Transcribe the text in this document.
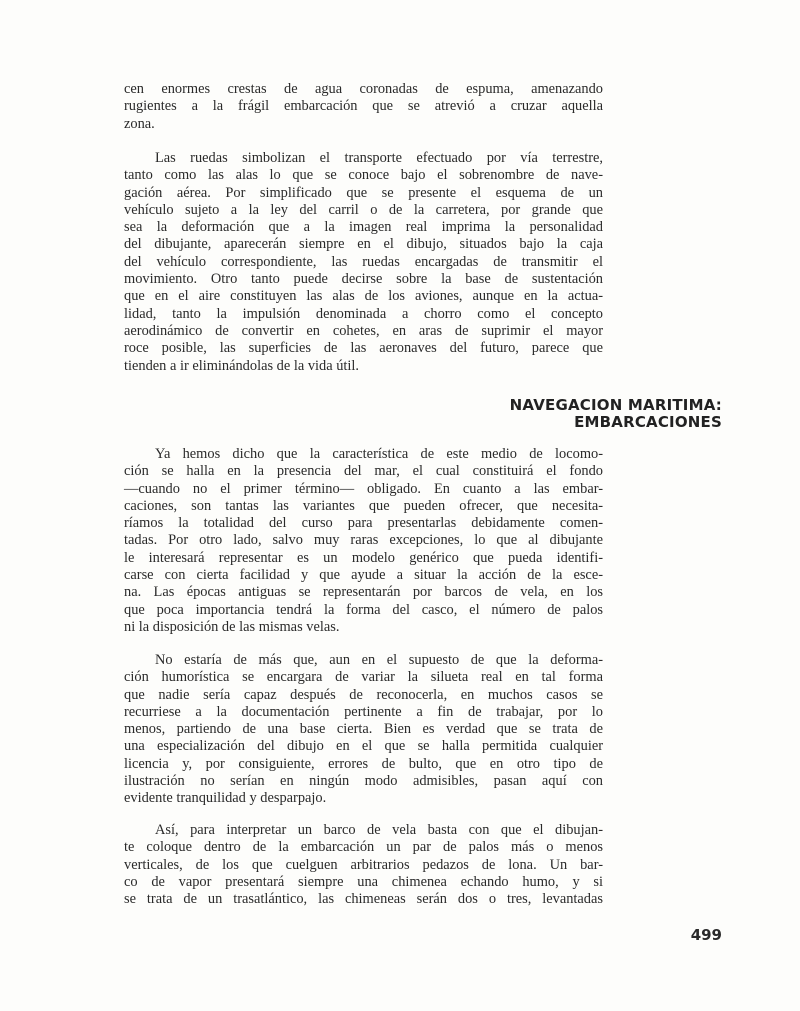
cen enormes crestas de agua coronadas de espuma, amenazando
rugientes a la frágil embarcación que se atrevió a cruzar aquella
zona.
Las ruedas simbolizan el transporte efectuado por vía terrestre,
tanto como las alas lo que se conoce bajo el sobrenombre de nave-
gación aérea. Por simplificado que se presente el esquema de un
vehículo sujeto a la ley del carril o de la carretera, por grande que
sea la deformación que a la imagen real imprima la personalidad
del dibujante, aparecerán siempre en el dibujo, situados bajo la caja
del vehículo correspondiente, las ruedas encargadas de transmitir el
movimiento. Otro tanto puede decirse sobre la base de sustentación
que en el aire constituyen las alas de los aviones, aunque en la actua-
lidad, tanto la impulsión denominada a chorro como el concepto
aerodinámico de convertir en cohetes, en aras de suprimir el mayor
roce posible, las superficies de las aeronaves del futuro, parece que
tienden a ir eliminándolas de la vida útil.
NAVEGACION MARITIMA:
EMBARCACIONES
Ya hemos dicho que la característica de este medio de locomo-
ción se halla en la presencia del mar, el cual constituirá el fondo
—cuando no el primer término— obligado. En cuanto a las embar-
caciones, son tantas las variantes que pueden ofrecer, que necesita-
ríamos la totalidad del curso para presentarlas debidamente comen-
tadas. Por otro lado, salvo muy raras excepciones, lo que al dibujante
le interesará representar es un modelo genérico que pueda identifi-
carse con cierta facilidad y que ayude a situar la acción de la esce-
na. Las épocas antiguas se representarán por barcos de vela, en los
que poca importancia tendrá la forma del casco, el número de palos
ni la disposición de las mismas velas.
No estaría de más que, aun en el supuesto de que la deforma-
ción humorística se encargara de variar la silueta real en tal forma
que nadie sería capaz después de reconocerla, en muchos casos se
recurriese a la documentación pertinente a fin de trabajar, por lo
menos, partiendo de una base cierta. Bien es verdad que se trata de
una especialización del dibujo en el que se halla permitida cualquier
licencia y, por consiguiente, errores de bulto, que en otro tipo de
ilustración no serían en ningún modo admisibles, pasan aquí con
evidente tranquilidad y desparpajo.
Así, para interpretar un barco de vela basta con que el dibujan-
te coloque dentro de la embarcación un par de palos más o menos
verticales, de los que cuelguen arbitrarios pedazos de lona. Un bar-
co de vapor presentará siempre una chimenea echando humo, y si
se trata de un trasatlántico, las chimeneas serán dos o tres, levantadas
499
